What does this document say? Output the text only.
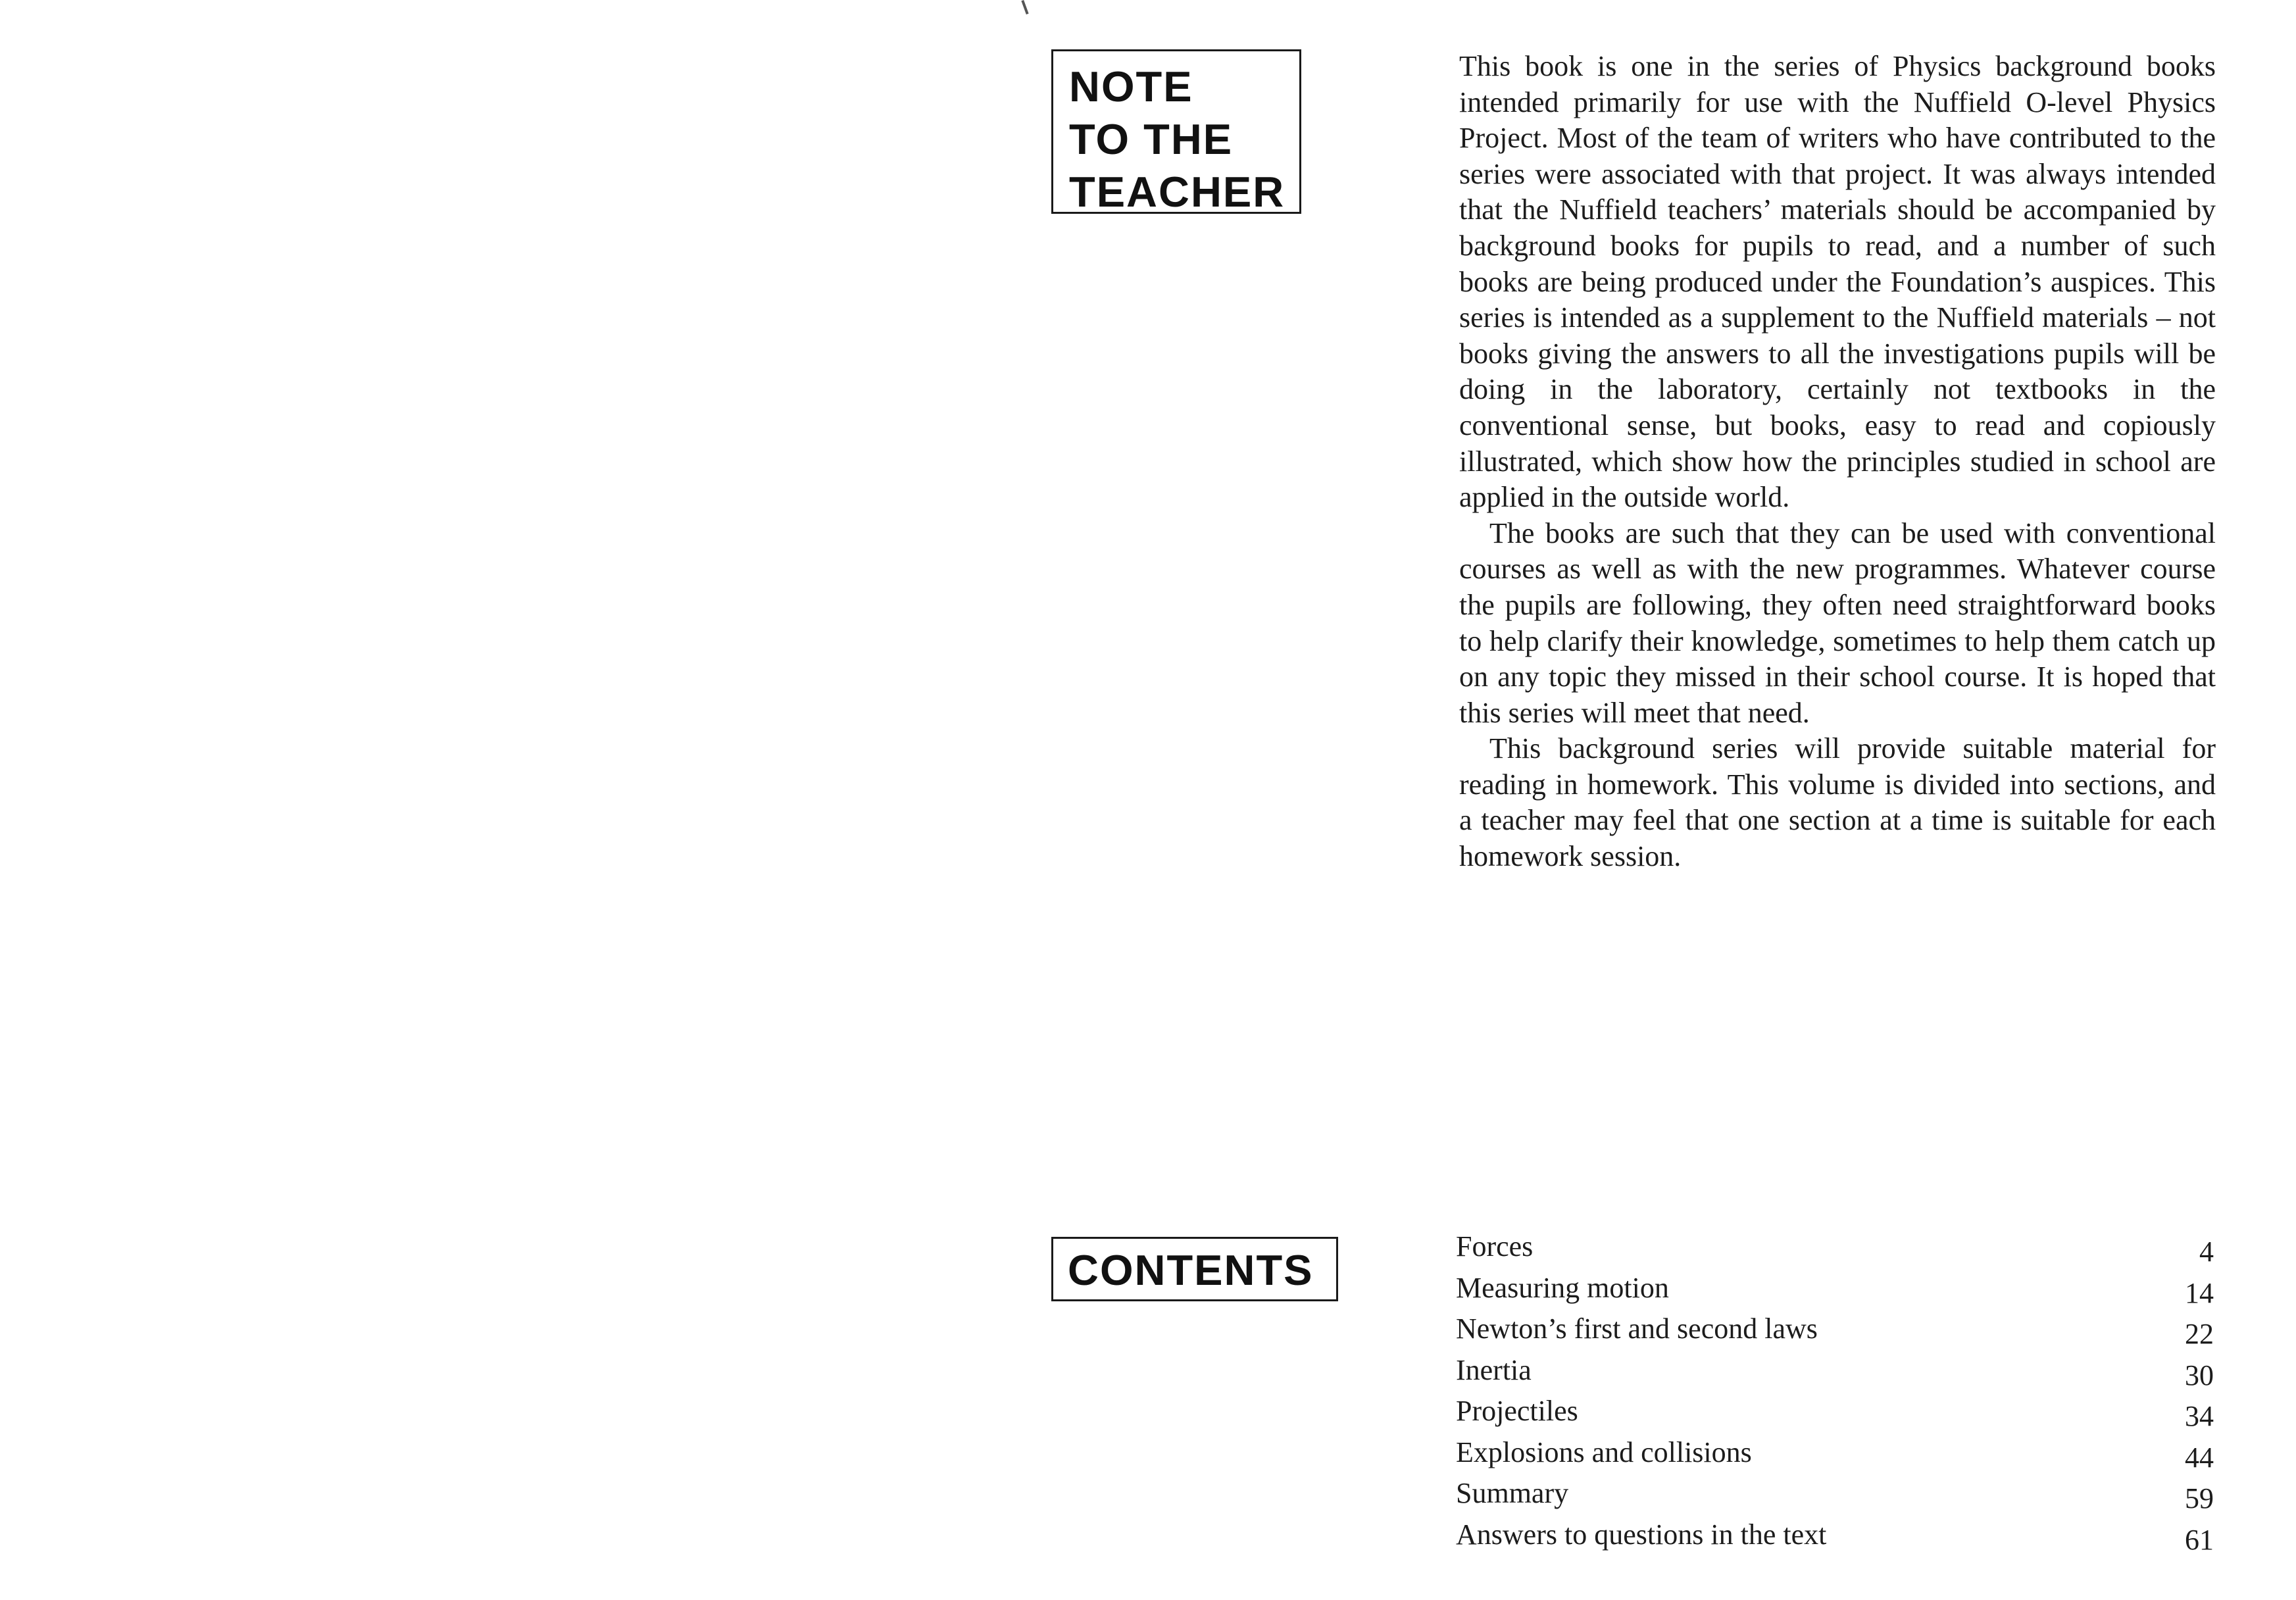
NOTE
TO THE
TEACHER

This book is one in the series of Physics background books intended primarily for use with the Nuffield O-level Physics Project. Most of the team of writers who have contributed to the series were associated with that project. It was always intended that the Nuffield teachers’ materials should be accompanied by background books for pupils to read, and a number of such books are being produced under the Foundation’s auspices. This series is intended as a supplement to the Nuffield materials – not books giving the answers to all the investigations pupils will be doing in the laboratory, certainly not textbooks in the conventional sense, but books, easy to read and copiously illustrated, which show how the principles studied in school are applied in the outside world.

The books are such that they can be used with conventional courses as well as with the new programmes. Whatever course the pupils are following, they often need straightforward books to help clarify their knowledge, sometimes to help them catch up on any topic they missed in their school course. It is hoped that this series will meet that need.

This background series will provide suitable material for reading in homework. This volume is divided into sections, and a teacher may feel that one section at a time is suitable for each homework session.

CONTENTS	Forces	4
Measuring motion	14
Newton’s first and second laws	22
Inertia	30
Projectiles	34
Explosions and collisions	44
Summary	59
Answers to questions in the text	61
